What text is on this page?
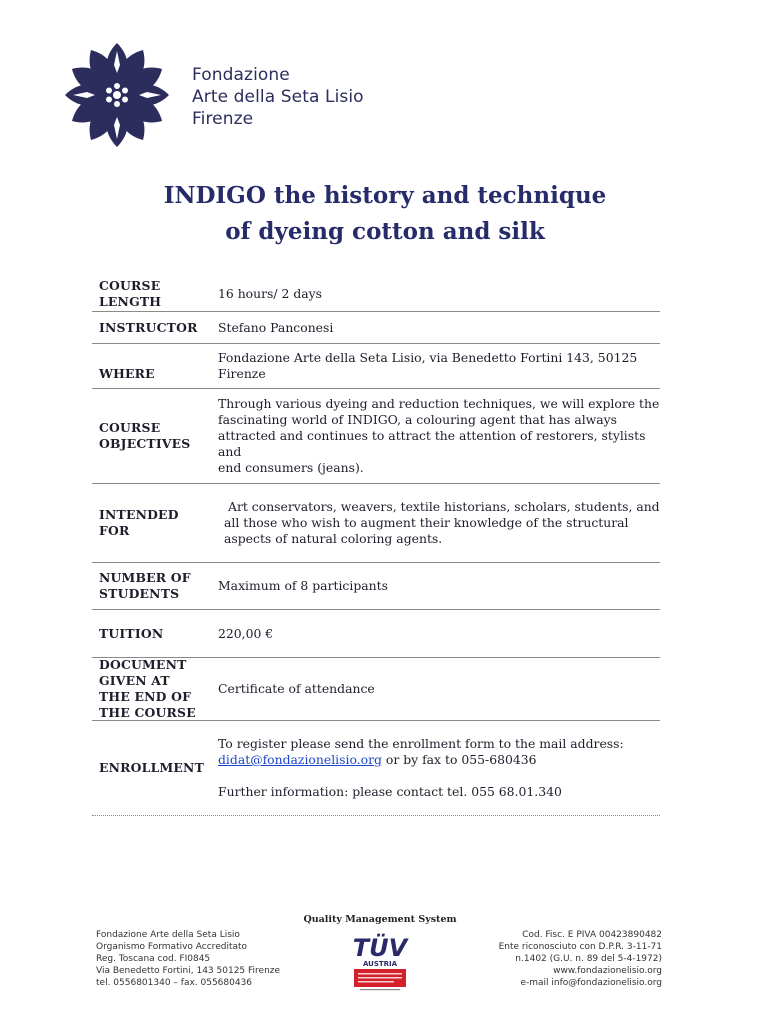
Fondazione
Arte della Seta Lisio
Firenze
INDIGO the history and technique
of dyeing cotton and silk
COURSE
LENGTH
16 hours/ 2 days
INSTRUCTOR	Stefano Panconesi
WHERE
Fondazione Arte della Seta Lisio, via Benedetto Fortini 143, 50125
Firenze
COURSE
OBJECTIVES
Through various dyeing and reduction techniques, we will explore the
fascinating world of INDIGO, a colouring agent that has always
attracted and continues to attract the attention of restorers, stylists and
end consumers (jeans).
INTENDED FOR
Art conservators, weavers, textile historians, scholars, students, and
all those who wish to augment their knowledge of the structural
aspects of natural coloring agents.
NUMBER OF
STUDENTS
Maximum of 8 participants
TUITION	220,00 €
DOCUMENT
GIVEN AT
THE END OF
THE COURSE
Certificate of attendance
ENROLLMENT
To register please send the enrollment form to the mail address:
didat@fondazionelisio.org or by fax to 055-680436
Further information: please contact tel. 055 68.01.340
Fondazione Arte della Seta Lisio
Organismo Formativo Accreditato
Reg. Toscana cod. FI0845
Via Benedetto Fortini, 143 50125 Firenze
tel. 0556801340 – fax. 055680436
Quality Management System
TÜV
AUSTRIA
Cod. Fisc. E PIVA 00423890482
Ente riconosciuto con D.P.R. 3-11-71
n.1402 (G.U. n. 89 del 5-4-1972)
www.fondazionelisio.org
e-mail info@fondazionelisio.org
